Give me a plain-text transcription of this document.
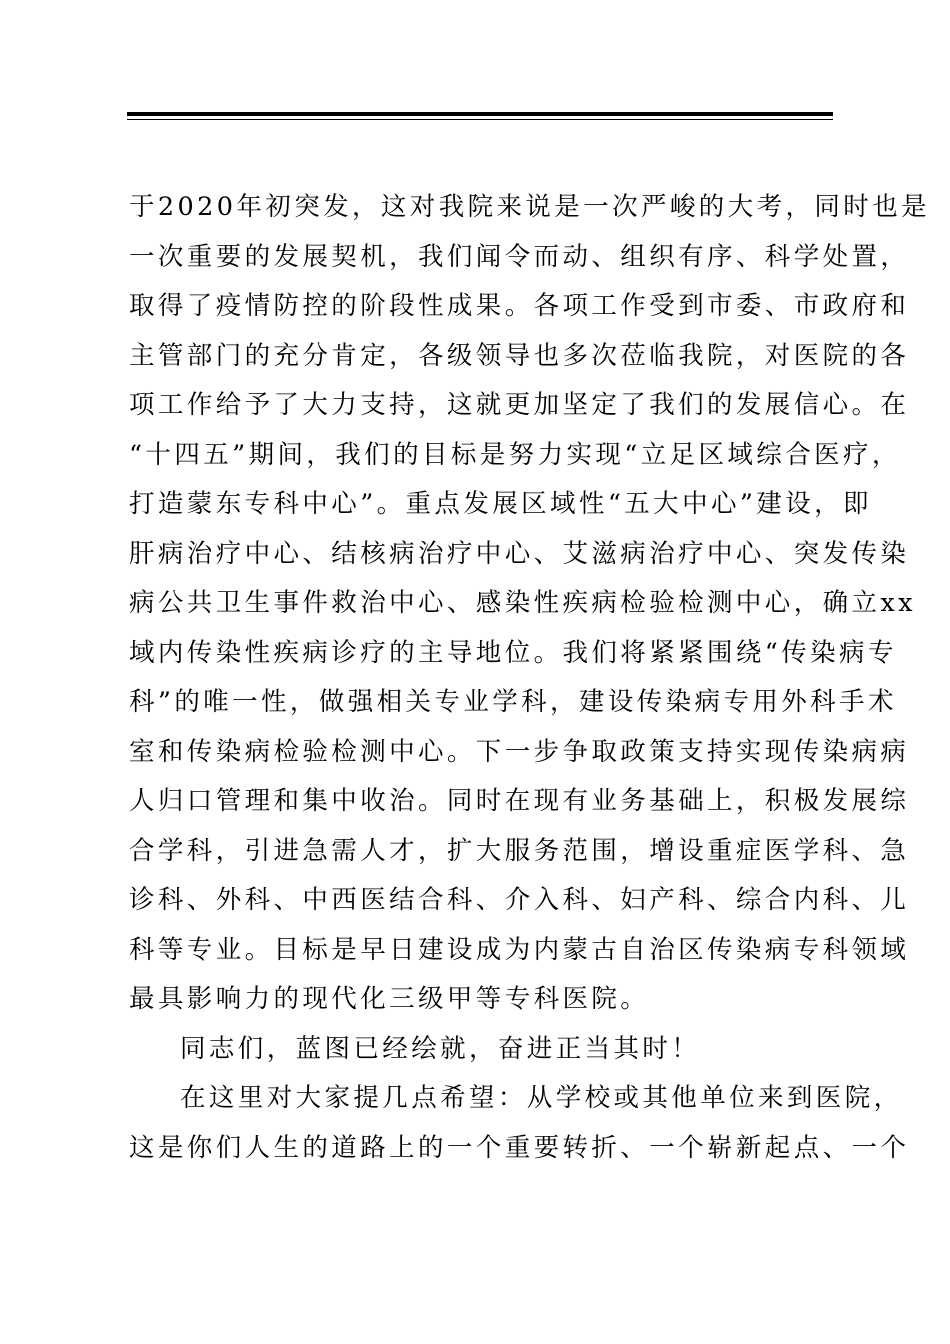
于2020年初突发，这对我院来说是一次严峻的大考，同时也是
一次重要的发展契机，我们闻令而动、组织有序、科学处置，
取得了疫情防控的阶段性成果。各项工作受到市委、市政府和
主管部门的充分肯定，各级领导也多次莅临我院，对医院的各
项工作给予了大力支持，这就更加坚定了我们的发展信心。在
“十四五”期间，我们的目标是努力实现“立足区域综合医疗，
打造蒙东专科中心”。重点发展区域性“五大中心”建设，即
肝病治疗中心、结核病治疗中心、艾滋病治疗中心、突发传染
病公共卫生事件救治中心、感染性疾病检验检测中心，确立xx
域内传染性疾病诊疗的主导地位。我们将紧紧围绕“传染病专
科”的唯一性，做强相关专业学科，建设传染病专用外科手术
室和传染病检验检测中心。下一步争取政策支持实现传染病病
人归口管理和集中收治。同时在现有业务基础上，积极发展综
合学科，引进急需人才，扩大服务范围，增设重症医学科、急
诊科、外科、中西医结合科、介入科、妇产科、综合内科、儿
科等专业。目标是早日建设成为内蒙古自治区传染病专科领域
最具影响力的现代化三级甲等专科医院。
同志们，蓝图已经绘就，奋进正当其时！
在这里对大家提几点希望：从学校或其他单位来到医院，
这是你们人生的道路上的一个重要转折、一个崭新起点、一个
